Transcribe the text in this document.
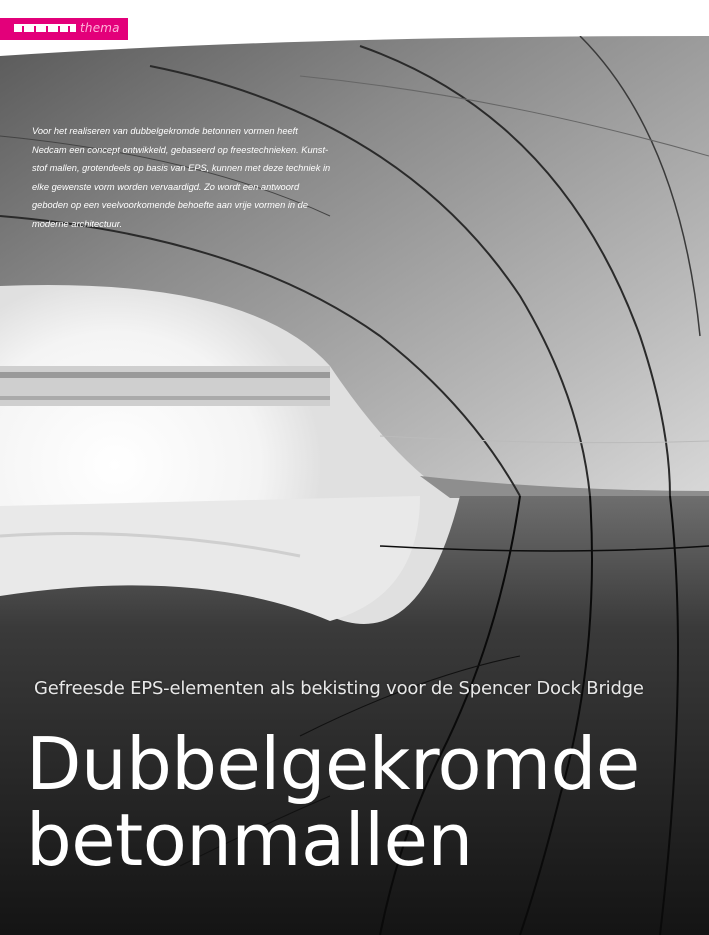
thema
Voor het realiseren van dubbelgekromde betonnen vormen heeft
Nedcam een concept ontwikkeld, gebaseerd op freestechnieken. Kunst-
stof mallen, grotendeels op basis van EPS, kunnen met deze techniek in
elke gewenste vorm worden vervaardigd. Zo wordt een antwoord
geboden op een veelvoorkomende behoefte aan vrije vormen in de
moderne architectuur.
Gefreesde EPS-elementen als bekisting voor de Spencer Dock Bridge
Dubbelgekromde
betonmallen
